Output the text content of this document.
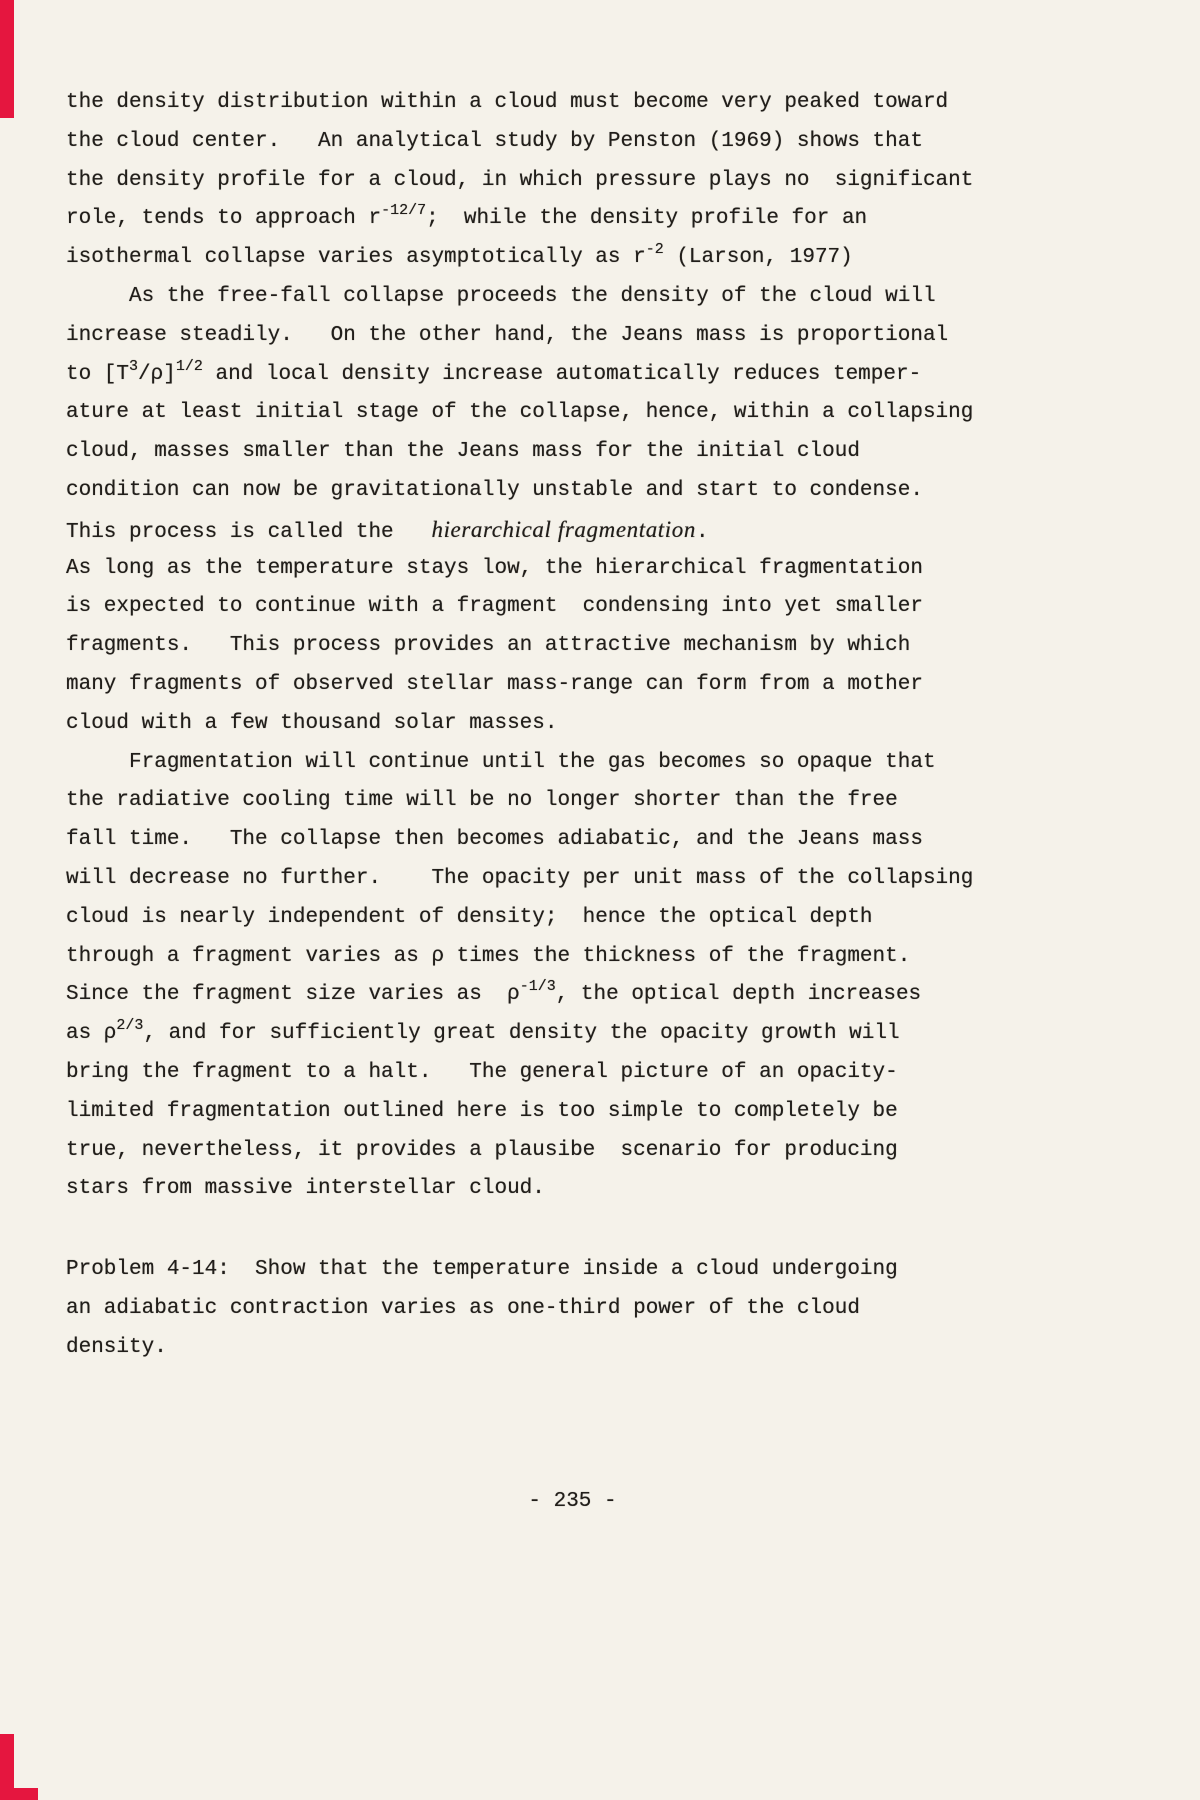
the density distribution within a cloud must become very peaked toward
the cloud center.   An analytical study by Penston (1969) shows that
the density profile for a cloud, in which pressure plays no  significant
role, tends to approach $r^{-12/7}$;  while the density profile for an
isothermal collapse varies asymptotically as $r^{-2}$ (Larson, 1977)
As the free-fall collapse proceeds the density of the cloud will
increase steadily.   On the other hand, the Jeans mass is proportional
to $[T^3/\rho]^{1/2}$ and local density increase automatically reduces temper-
ature at least initial stage of the collapse, hence, within a collapsing
cloud, masses smaller than the Jeans mass for the initial cloud
condition can now be gravitationally unstable and start to condense.
This process is called the   hierarchical fragmentation.
As long as the temperature stays low, the hierarchical fragmentation
is expected to continue with a fragment  condensing into yet smaller
fragments.   This process provides an attractive mechanism by which
many fragments of observed stellar mass-range can form from a mother
cloud with a few thousand solar masses.
Fragmentation will continue until the gas becomes so opaque that
the radiative cooling time will be no longer shorter than the free
fall time.   The collapse then becomes adiabatic, and the Jeans mass
will decrease no further.    The opacity per unit mass of the collapsing
cloud is nearly independent of density;  hence the optical depth
through a fragment varies as ρ times the thickness of the fragment.
Since the fragment size varies as  $\rho^{-1/3}$, the optical depth increases
as $\rho^{2/3}$, and for sufficiently great density the opacity growth will
bring the fragment to a halt.   The general picture of an opacity-
limited fragmentation outlined here is too simple to completely be
true, nevertheless, it provides a plausibe  scenario for producing
stars from massive interstellar cloud.
Problem 4-14:  Show that the temperature inside a cloud undergoing
an adiabatic contraction varies as one-third power of the cloud
density.
- 235 -
